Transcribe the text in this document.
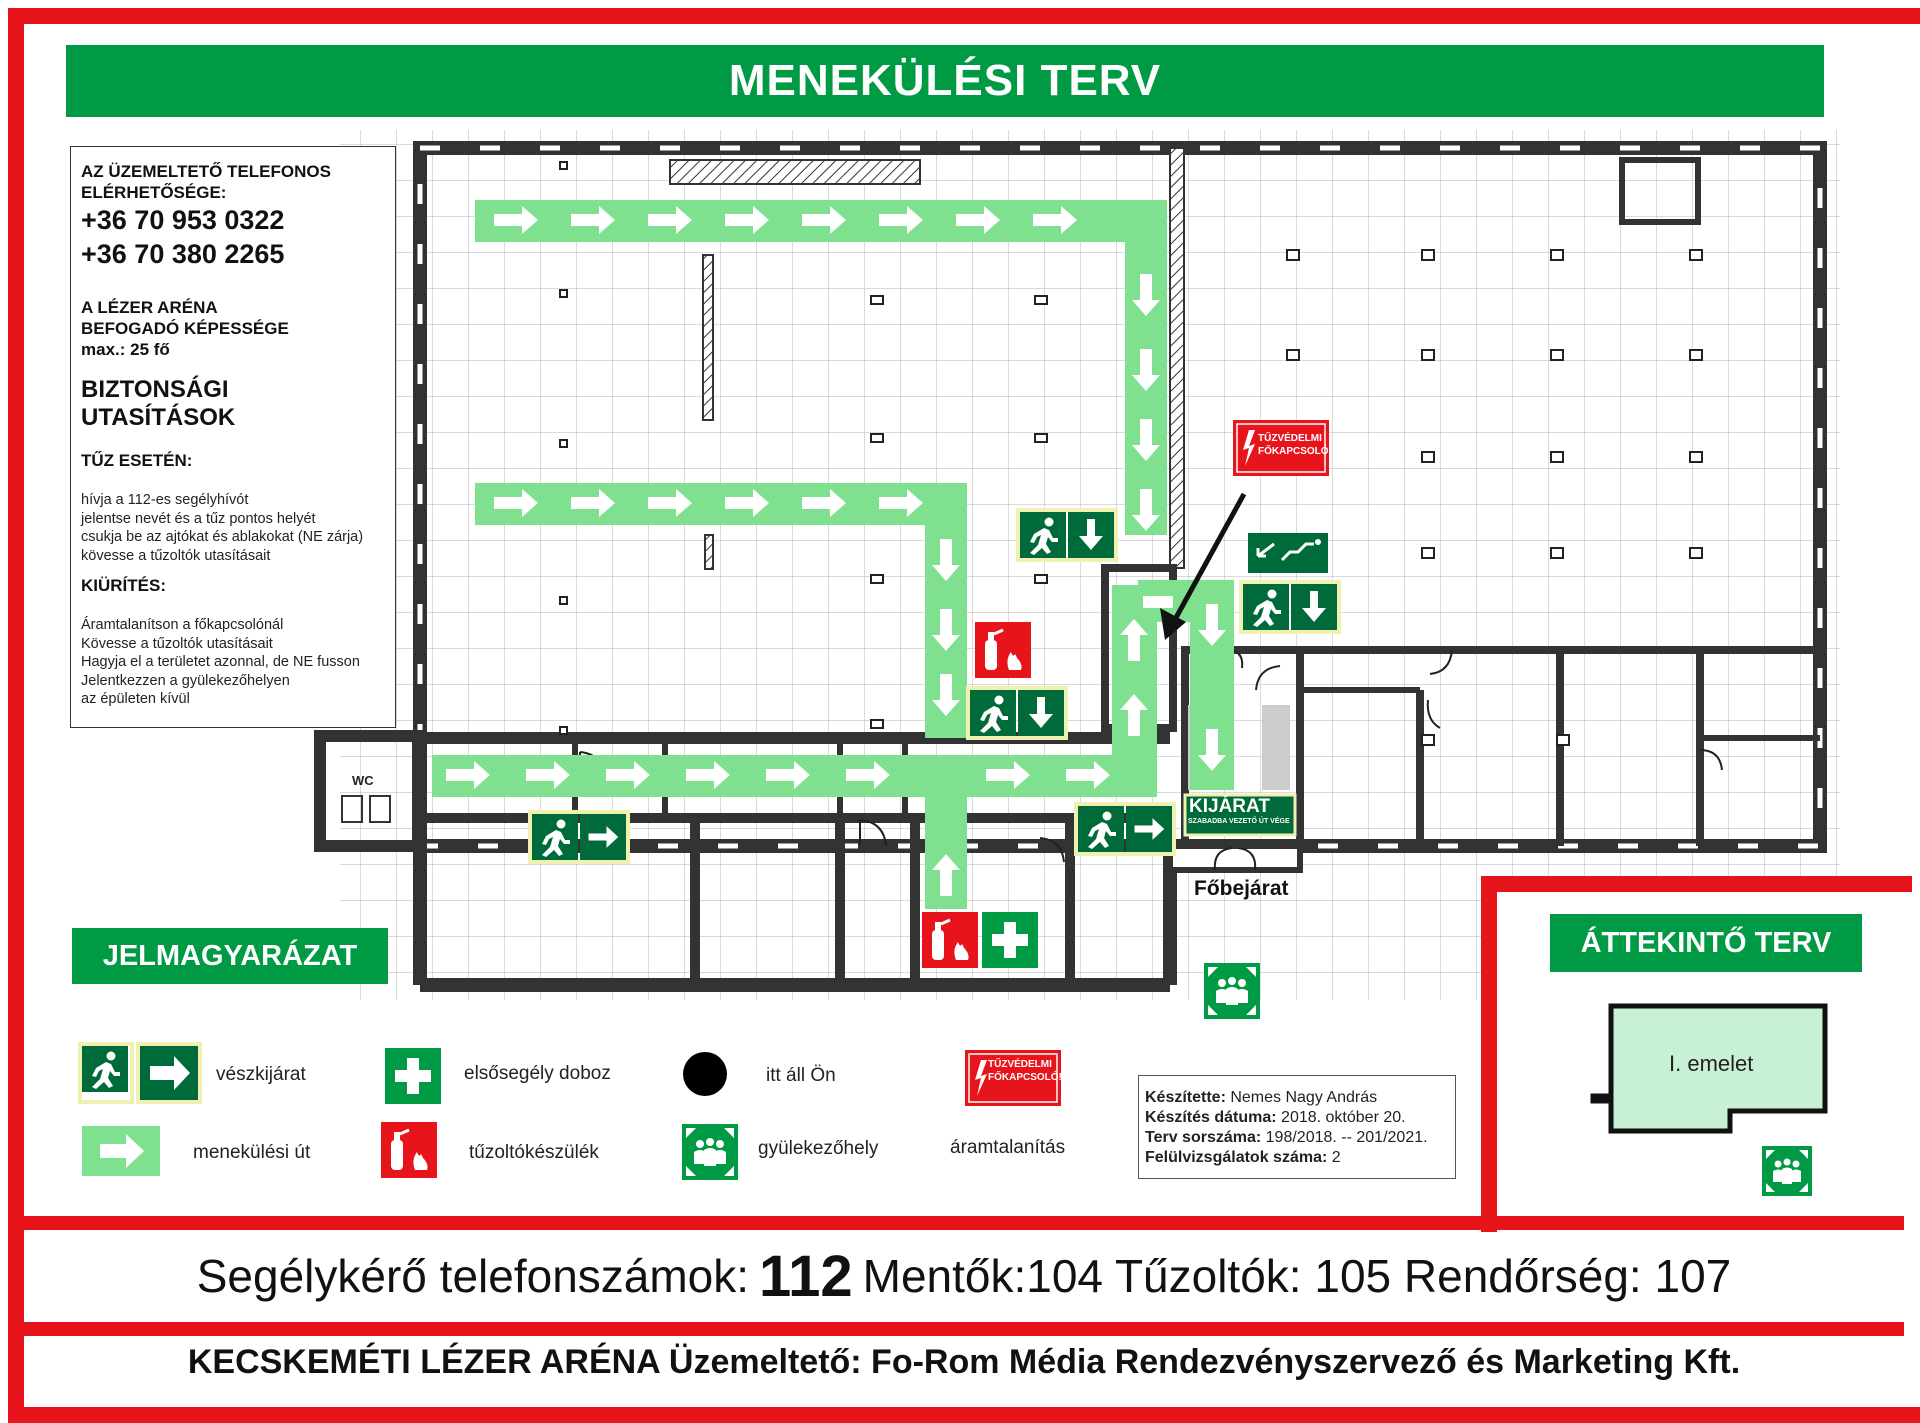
MENEKÜLÉSI TERV
WC
KIJÁRAT
SZABADBA VEZETŐ ÚT VÉGE
Főbejárat
TŰZVÉDELMI
FŐKAPCSOLÓ!
AZ ÜZEMELTETŐ TELEFONOS ELÉRHETŐSÉGE:
+36 70 953 0322
+36 70 380 2265
A LÉZER ARÉNA
BEFOGADÓ KÉPESSÉGE
max.: 25 fő
BIZTONSÁGI UTASÍTÁSOK
TŰZ ESETÉN:
hívja a 112-es segélyhívót
jelentse nevét és a tűz pontos helyét
csukja be az ajtókat és ablakokat (NE zárja)
kövesse a tűzoltók utasításait
KIÜRÍTÉS:
Áramtalanítson a főkapcsolónál
Kövesse a tűzoltók utasításait
Hagyja el a területet azonnal, de NE fusson
Jelentkezzen a gyülekezőhelyen
az épületen kívül
JELMAGYARÁZAT
vészkijárat
menekülési út
elsősegély doboz
tűzoltókészülék
itt áll Ön
gyülekezőhely	áramtalanítás
TŰZVÉDELMI
FŐKAPCSOLÓ!
Készítette: Nemes Nagy András
Készítés dátuma: 2018. október 20.
Terv sorszáma: 198/2018. -- 201/2021.
Felülvizsgálatok száma: 2
ÁTTEKINTŐ TERV
I. emelet
Segélykérő telefonszámok: 112 Mentők:104 Tűzoltók: 105 Rendőrség: 107
KECSKEMÉTI LÉZER ARÉNA Üzemeltető: Fo-Rom Média Rendezvényszervező és Marketing Kft.
